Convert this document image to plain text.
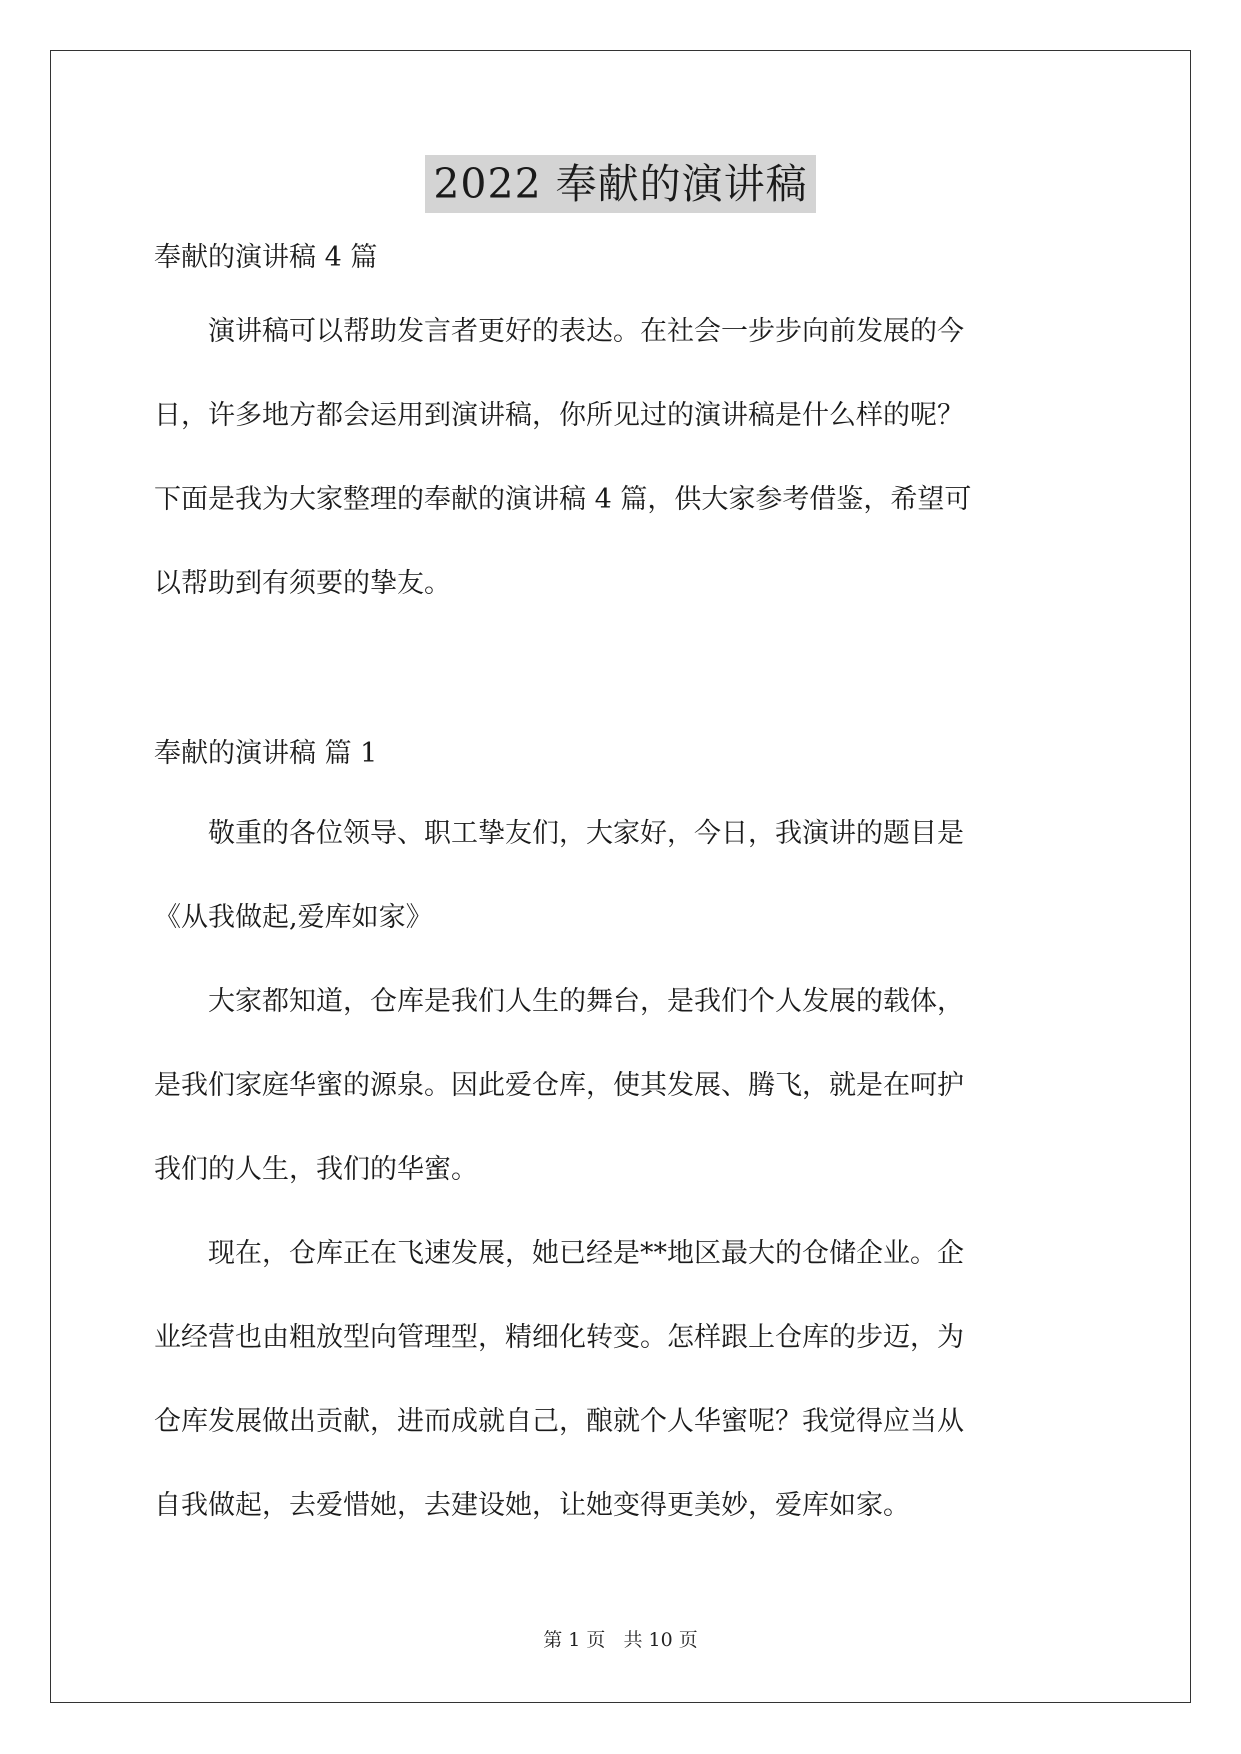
2022 奉献的演讲稿
奉献的演讲稿 4 篇
　　演讲稿可以帮助发言者更好的表达。在社会一步步向前发展的今
日，许多地方都会运用到演讲稿，你所见过的演讲稿是什么样的呢？
下面是我为大家整理的奉献的演讲稿 4 篇，供大家参考借鉴，希望可
以帮助到有须要的挚友。
奉献的演讲稿 篇 1
　　敬重的各位领导、职工挚友们，大家好，今日，我演讲的题目是
《从我做起,爱库如家》
　　大家都知道，仓库是我们人生的舞台，是我们个人发展的载体，
是我们家庭华蜜的源泉。因此爱仓库，使其发展、腾飞，就是在呵护
我们的人生，我们的华蜜。
　　现在，仓库正在飞速发展，她已经是**地区最大的仓储企业。企
业经营也由粗放型向管理型，精细化转变。怎样跟上仓库的步迈，为
仓库发展做出贡献，进而成就自己，酿就个人华蜜呢？我觉得应当从
自我做起，去爱惜她，去建设她，让她变得更美妙，爱库如家。
第 1 页 共 10 页
